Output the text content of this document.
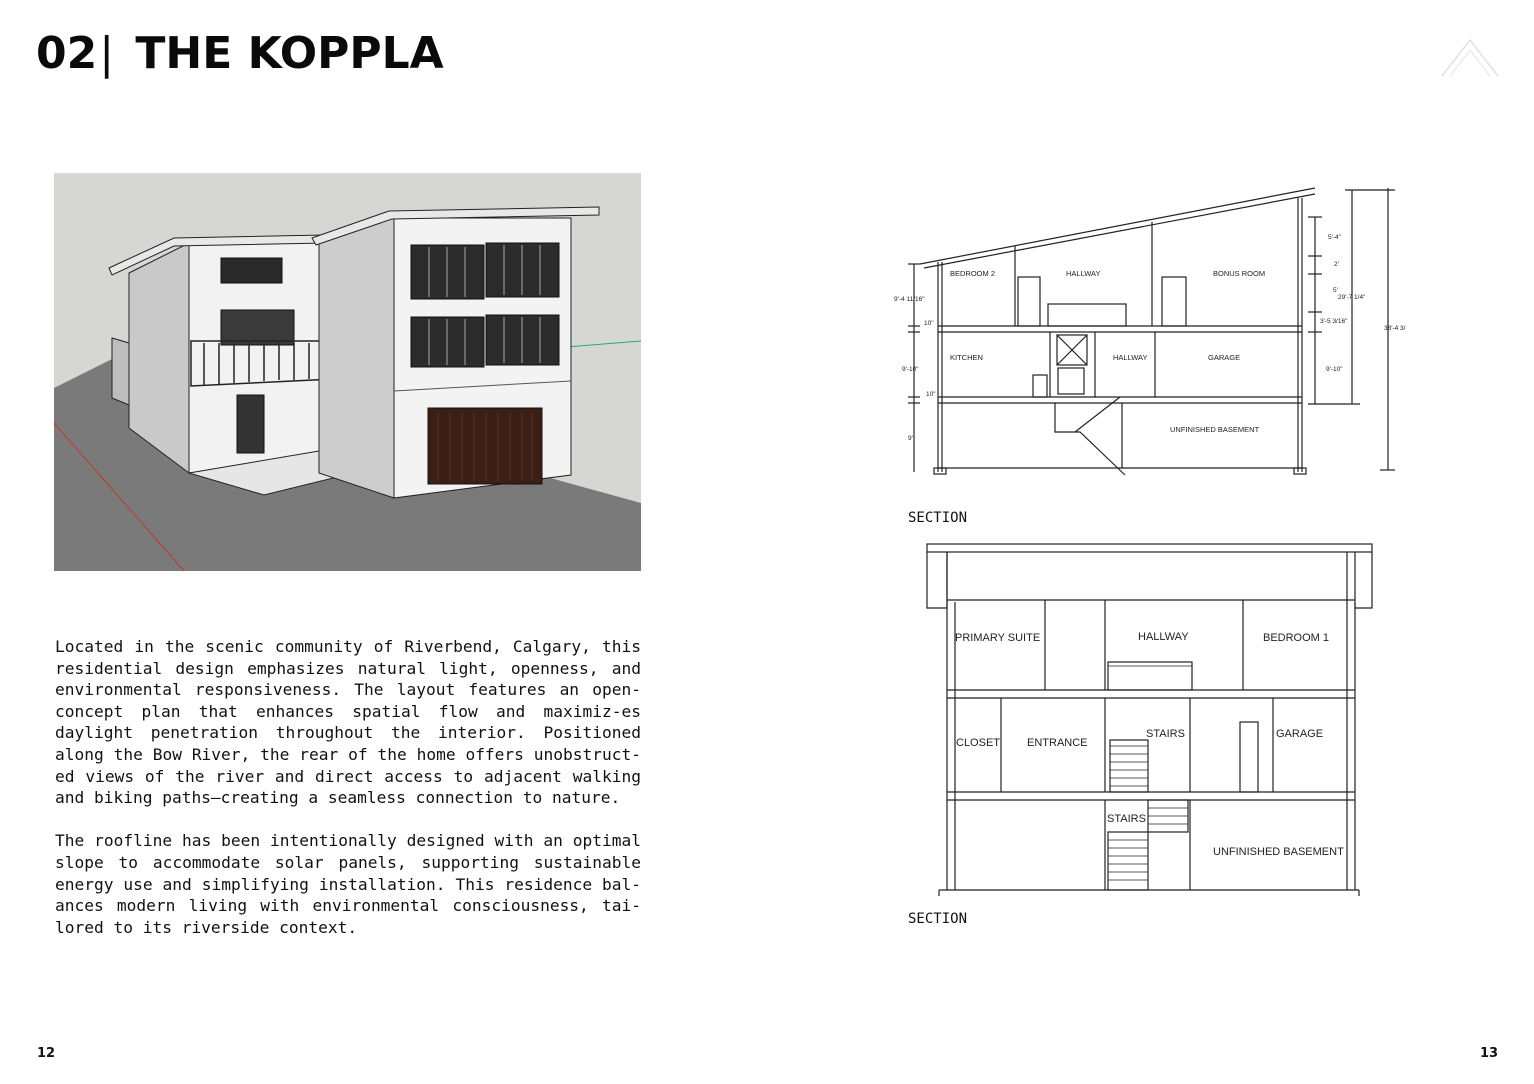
02| THE KOPPLA

Located in the scenic community of Riverbend, Calgary, this residential design emphasizes natural light, openness, and environmental responsiveness. The layout features an open-concept plan that enhances spatial flow and maximiz-es daylight penetration throughout the interior. Positioned along the Bow River, the rear of the home offers unobstruct-ed views of the river and direct access to adjacent walking and biking paths—creating a seamless connection to nature.

The roofline has been intentionally designed with an optimal slope to accommodate solar panels, supporting sustainable energy use and simplifying installation. This residence bal-ances modern living with environmental consciousness, tai-lored to its riverside context.

BEDROOM 2	HALLWAY	BONUS ROOM
KITCHEN	HALLWAY	GARAGE
UNFINISHED BASEMENT
9'-4 11/16"
10"
9'-10"
10"
9'
5'-4"
2'
5'
3'-5 3/16"
9'-10"
29'-7 1/4"
38'-4 3/
SECTION
PRIMARY SUITE	HALLWAY	BEDROOM 1
CLOSET ENTRANCE
STAIRS	GARAGE
STAIRS
UNFINISHED BASEMENT
SECTION
12	13
